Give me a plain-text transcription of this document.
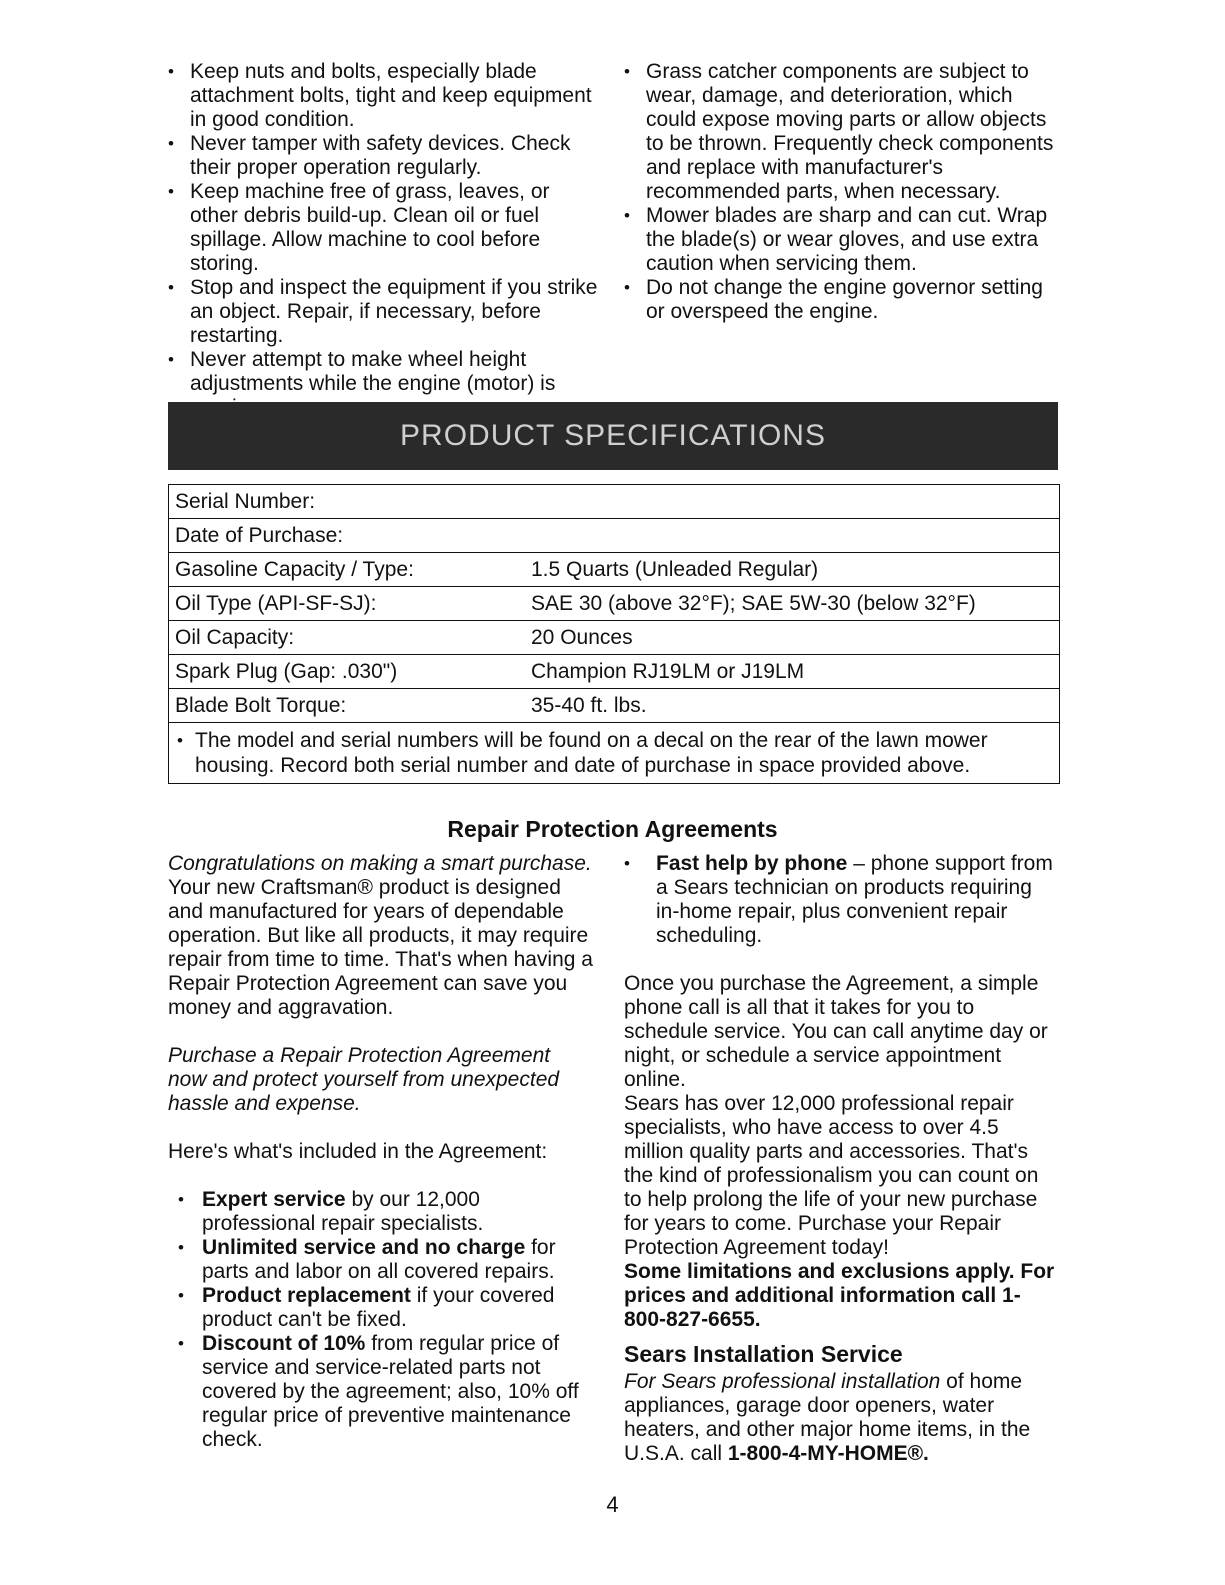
• Keep nuts and bolts, especially blade attachment bolts, tight and keep equipment in good condition.
• Never tamper with safety devices. Check their proper operation regularly.
• Keep machine free of grass, leaves, or other debris build-up. Clean oil or fuel spillage. Allow machine to cool before storing.
• Stop and inspect the equipment if you strike an object. Repair, if necessary, before restarting.
• Never attempt to make wheel height adjustments while the engine (motor) is
• Grass catcher components are subject to wear, damage, and deterioration, which could expose moving parts or allow objects to be thrown. Frequently check components and replace with manufacturer's recommended parts, when necessary.
• Mower blades are sharp and can cut. Wrap the blade(s) or wear gloves, and use extra caution when servicing them.
• Do not change the engine governor setting or overspeed the engine.
PRODUCT SPECIFICATIONS
Serial Number:
Date of Purchase:
Gasoline Capacity / Type:	1.5 Quarts (Unleaded Regular)
Oil Type (API-SF-SJ):	SAE 30 (above 32°F); SAE 5W-30 (below 32°F)
Oil Capacity:	20 Ounces
Spark Plug (Gap: .030")	Champion RJ19LM or J19LM
Blade Bolt Torque:	35-40 ft. lbs.
• The model and serial numbers will be found on a decal on the rear of the lawn mower housing. Record both serial number and date of purchase in space provided above.
Repair Protection Agreements

Congratulations on making a smart purchase. Your new Craftsman® product is designed and manufactured for years of dependable operation. But like all products, it may require repair from time to time. That's when having a Repair Protection Agreement can save you money and aggravation.

Purchase a Repair Protection Agreement now and protect yourself from unexpected hassle and expense.

Here's what's included in the Agreement:

• Expert service by our 12,000 professional repair specialists.
• Unlimited service and no charge for parts and labor on all covered repairs.
• Product replacement if your covered product can't be fixed.
• Discount of 10% from regular price of service and service-related parts not covered by the agreement; also, 10% off regular price of preventive maintenance check.
• Fast help by phone – phone support from a Sears technician on products requiring in-home repair, plus convenient repair scheduling.

Once you purchase the Agreement, a simple phone call is all that it takes for you to schedule service. You can call anytime day or night, or schedule a service appointment online.

Sears has over 12,000 professional repair specialists, who have access to over 4.5 million quality parts and accessories. That's the kind of professionalism you can count on to help prolong the life of your new purchase for years to come. Purchase your Repair Protection Agreement today!

Some limitations and exclusions apply. For prices and additional information call 1-800-827-6655.

Sears Installation Service

For Sears professional installation of home appliances, garage door openers, water heaters, and other major home items, in the U.S.A. call 1-800-4-MY-HOME®.

4
